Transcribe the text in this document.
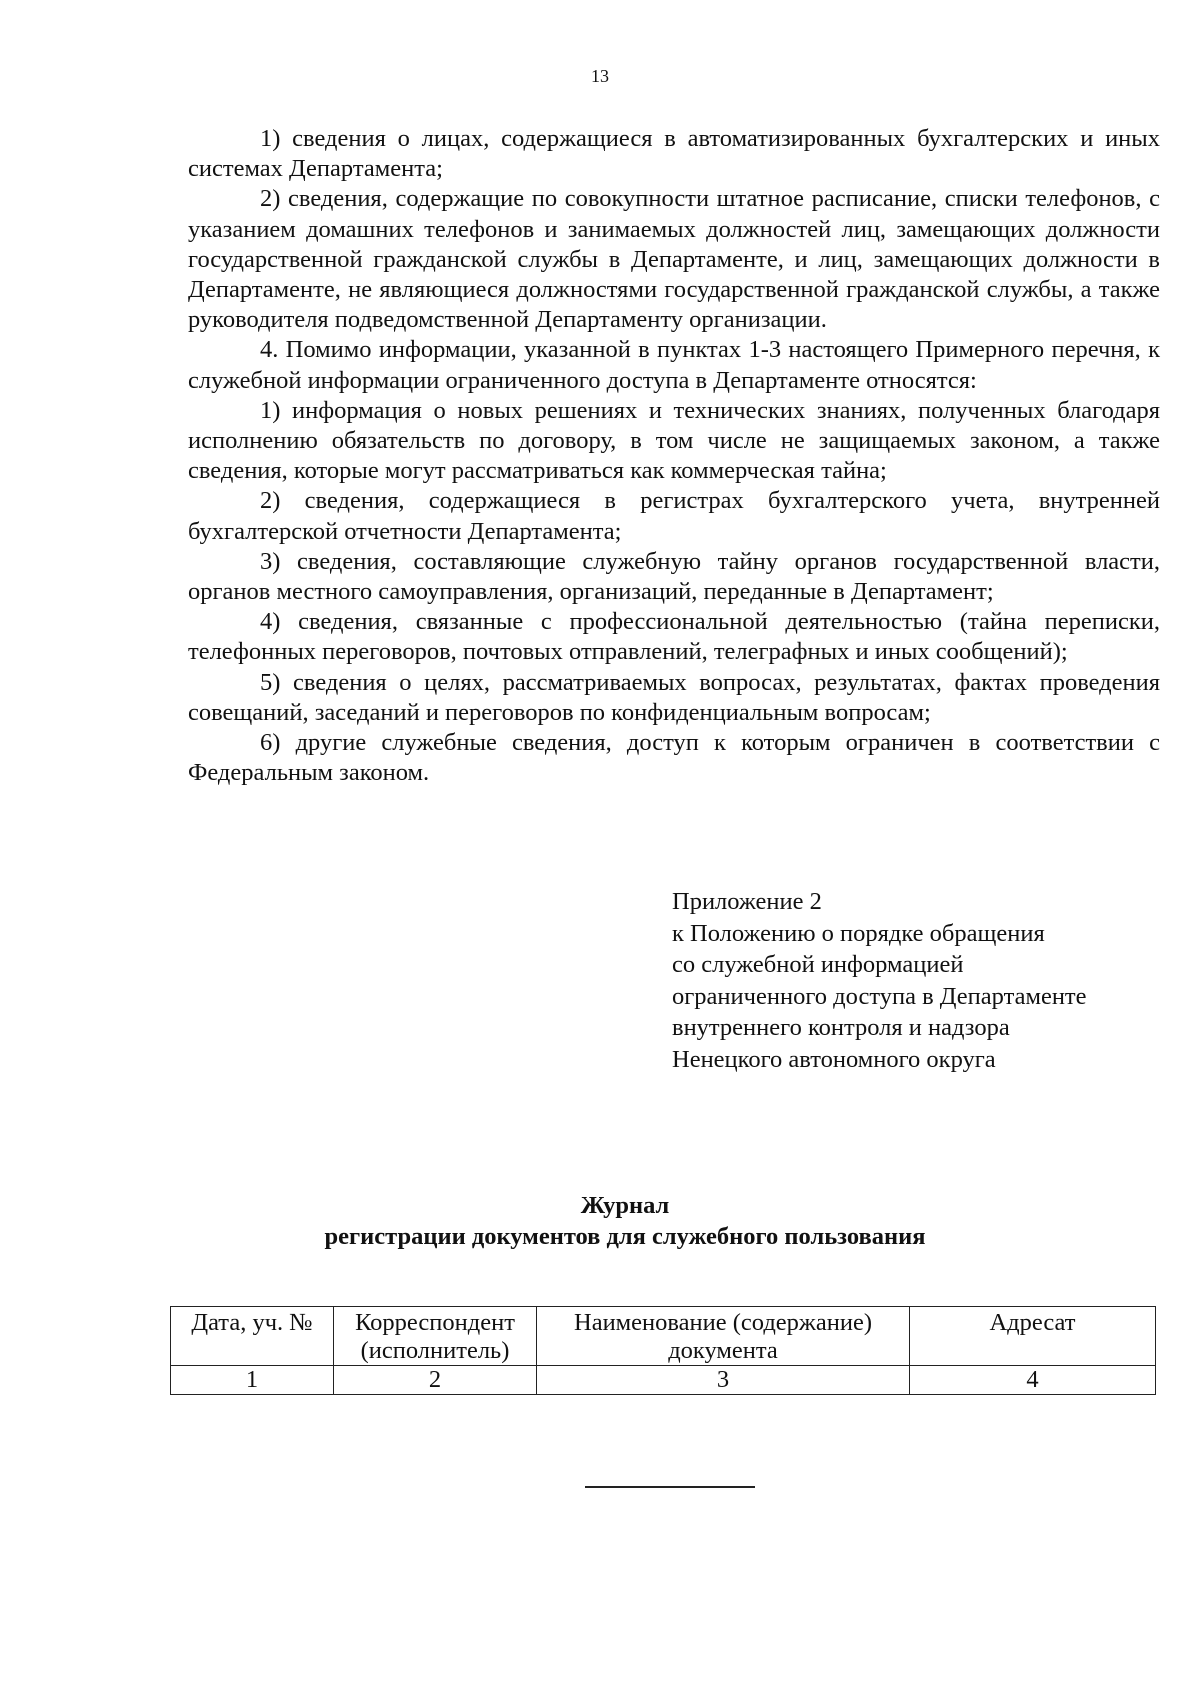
13

1) сведения о лицах, содержащиеся в автоматизированных бухгалтерских и иных системах Департамента;

2) сведения, содержащие по совокупности штатное расписание, списки телефонов, с указанием домашних телефонов и занимаемых должностей лиц, замещающих должности государственной гражданской службы в Департаменте, и лиц, замещающих должности в Департаменте, не являющиеся должностями государственной гражданской службы, а также руководителя подведомственной Департаменту организации.

4. Помимо информации, указанной в пунктах 1-3 настоящего Примерного перечня, к служебной информации ограниченного доступа в Департаменте относятся:

1) информация о новых решениях и технических знаниях, полученных благодаря исполнению обязательств по договору, в том числе не защищаемых законом, а также сведения, которые могут рассматриваться как коммерческая тайна;

2) сведения, содержащиеся в регистрах бухгалтерского учета, внутренней бухгалтерской отчетности Департамента;

3) сведения, составляющие служебную тайну органов государственной власти, органов местного самоуправления, организаций, переданные в Департамент;

4) сведения, связанные с профессиональной деятельностью (тайна переписки, телефонных переговоров, почтовых отправлений, телеграфных и иных сообщений);

5) сведения о целях, рассматриваемых вопросах, результатах, фактах проведения совещаний, заседаний и переговоров по конфиденциальным вопросам;

6) другие служебные сведения, доступ к которым ограничен в соответствии с Федеральным законом.

Приложение 2
к Положению о порядке обращения
со служебной информацией
ограниченного доступа в Департаменте
внутреннего контроля и надзора
Ненецкого автономного округа
Журнал
регистрации документов для служебного пользования
Дата, уч. №	Корреспондент (исполнитель)	Наименование (содержание) документа	Адресат
1	2	3	4
